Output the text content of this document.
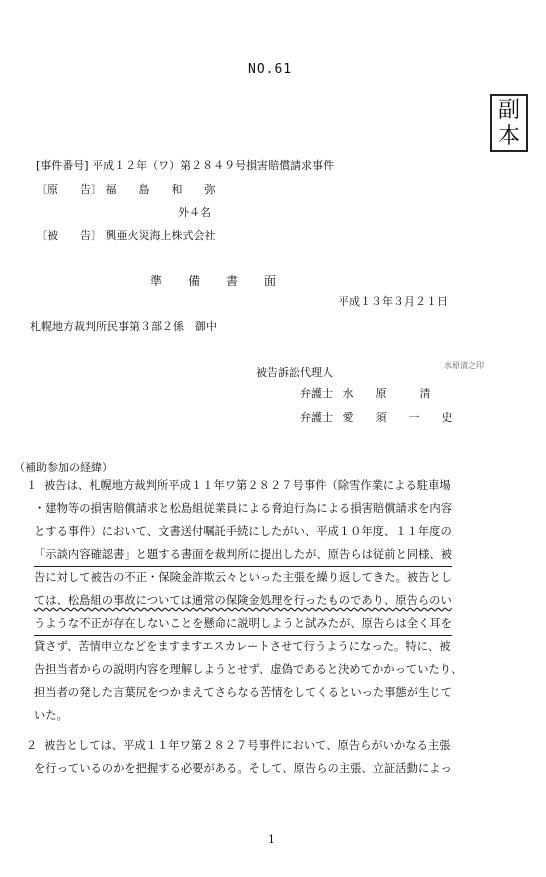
NO.61
副
本
[事件番号] 平成１２年（ワ）第２８４９号損害賠償請求事件
〔原　　告〕 福　　島　　和　　弥
外４名
〔被　　告〕 興亜火災海上株式会社
準備書面
平成１３年３月２１日
札幌地方裁判所民事第３部２係　御中
被告訴訟代理人
弁護士 水　　原　　　清
弁護士 愛　　須　　一　　史
水原清之印
（補助参加の経緯）
１ 被告は、札幌地方裁判所平成１１年ワ第２８２７号事件（除雪作業による駐車場
・建物等の損害賠償請求と松島組従業員による脅迫行為による損害賠償請求を内容
とする事件）において、文書送付嘱託手続にしたがい、平成１０年度、１１年度の
「示談内容確認書」と題する書面を裁判所に提出したが、原告らは従前と同様、被
告に対して被告の不正・保険金詐欺云々といった主張を繰り返してきた。被告とし
ては、松島組の事故については通常の保険金処理を行ったものであり、原告らのい
うような不正が存在しないことを懸命に説明しようと試みたが、原告らは全く耳を
貸さず、苦情申立などをますますエスカレートさせて行うようになった。特に、被
告担当者からの説明内容を理解しようとせず、虚偽であると決めてかかっていたり、
担当者の発した言葉尻をつかまえてさらなる苦情をしてくるといった事態が生じて
いた。
２ 被告としては、平成１１年ワ第２８２７号事件において、原告らがいかなる主張
を行っているのかを把握する必要がある。そして、原告らの主張、立証活動によっ
1
